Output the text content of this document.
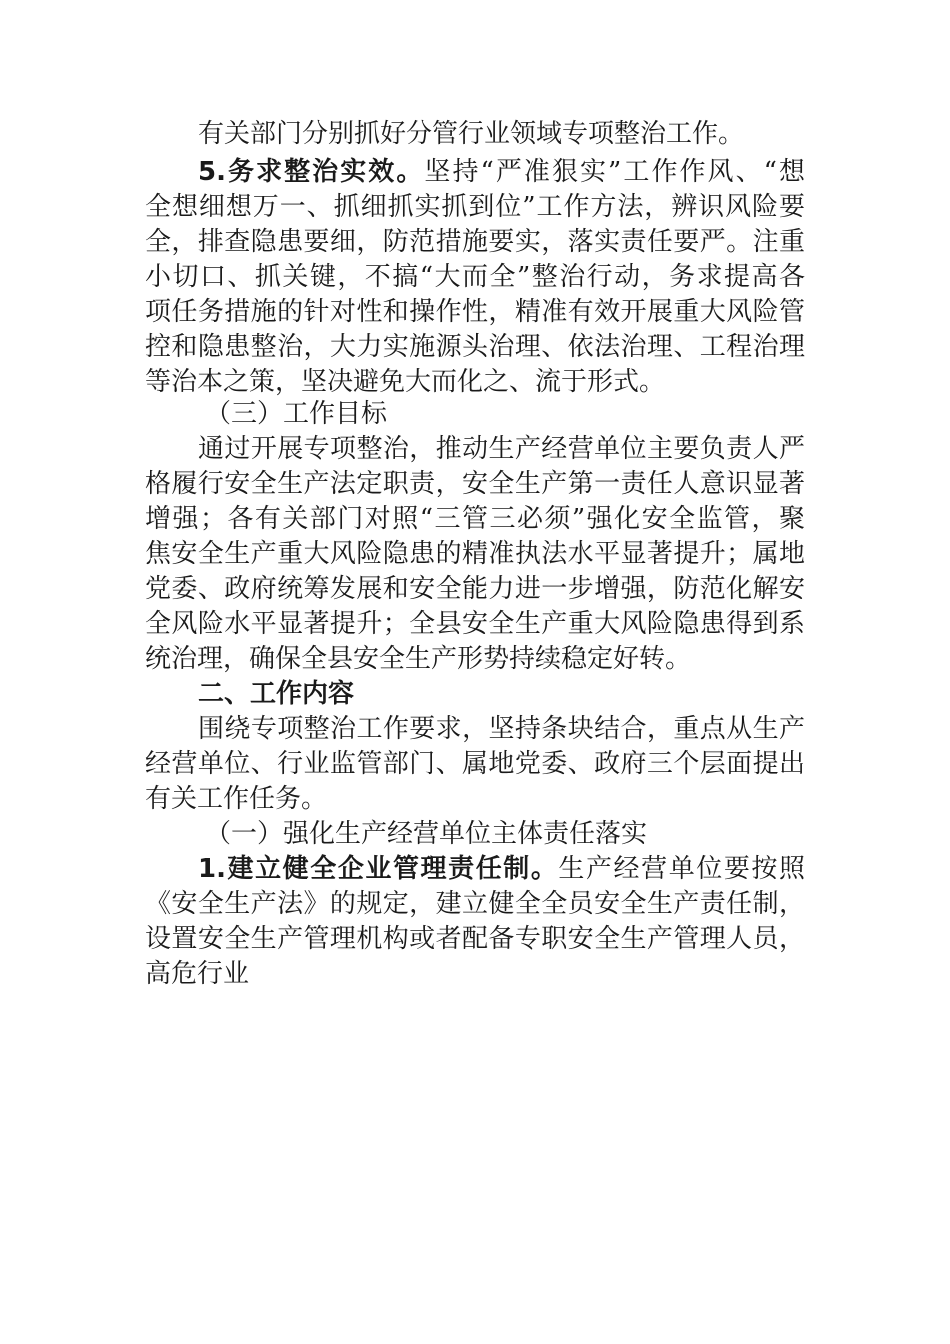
有关部门分别抓好分管行业领域专项整治工作。
5.务求整治实效。坚持“严准狠实”工作作风、“想
全想细想万一、抓细抓实抓到位”工作方法，辨识风险要
全，排查隐患要细，防范措施要实，落实责任要严。注重
小切口、抓关键，不搞“大而全”整治行动，务求提高各
项任务措施的针对性和操作性，精准有效开展重大风险管
控和隐患整治，大力实施源头治理、依法治理、工程治理
等治本之策，坚决避免大而化之、流于形式。
（三）工作目标
通过开展专项整治，推动生产经营单位主要负责人严
格履行安全生产法定职责，安全生产第一责任人意识显著
增强；各有关部门对照“三管三必须”强化安全监管，聚
焦安全生产重大风险隐患的精准执法水平显著提升；属地
党委、政府统筹发展和安全能力进一步增强，防范化解安
全风险水平显著提升；全县安全生产重大风险隐患得到系
统治理，确保全县安全生产形势持续稳定好转。
二、工作内容
围绕专项整治工作要求，坚持条块结合，重点从生产
经营单位、行业监管部门、属地党委、政府三个层面提出
有关工作任务。
（一）强化生产经营单位主体责任落实
1.建立健全企业管理责任制。生产经营单位要按照
《安全生产法》的规定，建立健全全员安全生产责任制，
设置安全生产管理机构或者配备专职安全生产管理人员，
高危行业
